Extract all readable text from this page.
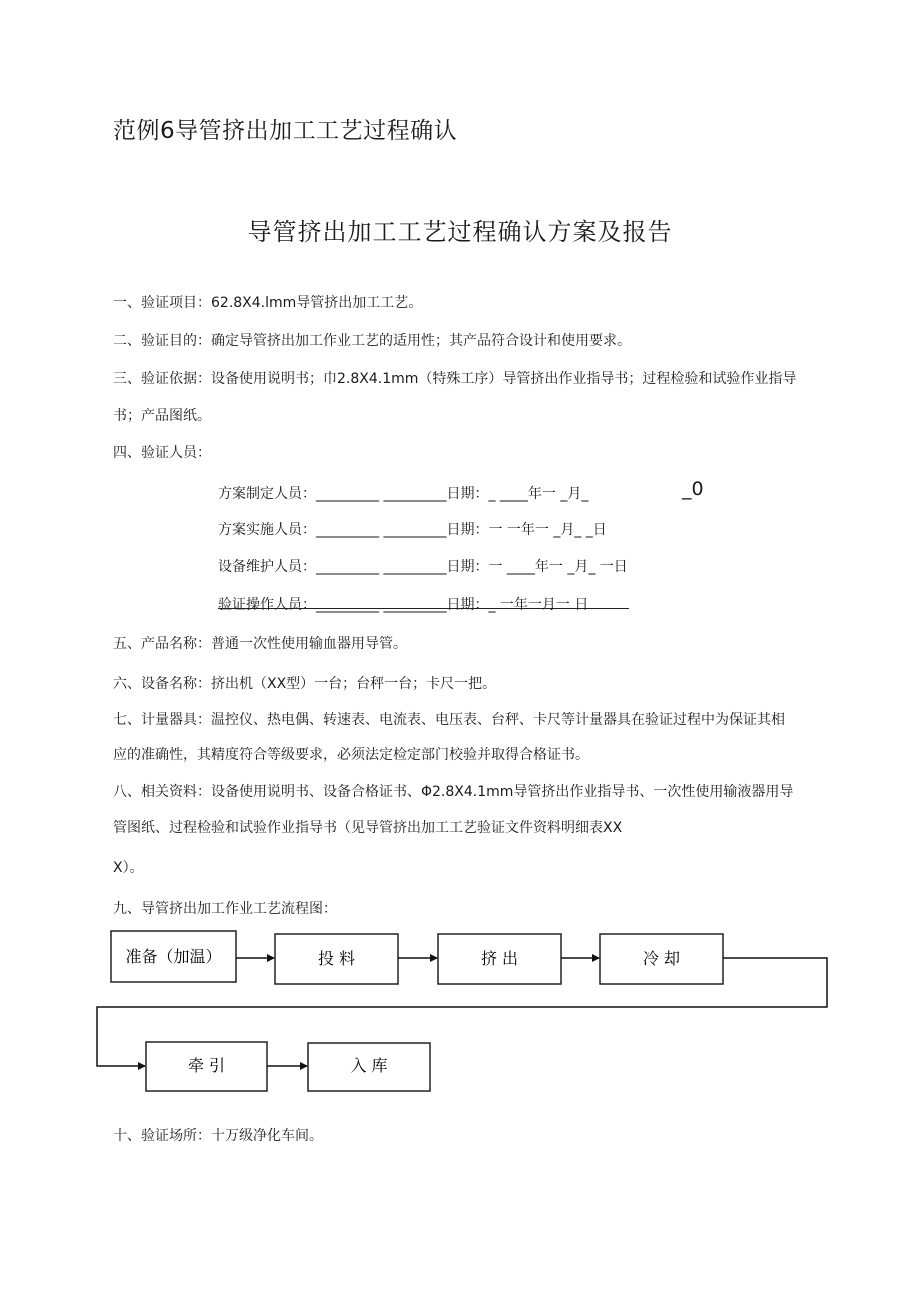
范例6导管挤出加工工艺过程确认
导管挤出加工工艺过程确认方案及报告
一、验证项目：62.8X4.lmm导管挤出加工工艺。
二、验证目的：确定导管挤出加工作业工艺的适用性；其产品符合设计和使用要求。
三、验证依据：设备使用说明书；巾2.8X4.1mm（特殊工序）导管挤出作业指导书；过程检验和试验作业指导
书；产品图纸。
四、验证人员：
方案制定人员：_________ _________日期：_ ____年一 _月_	_0
方案实施人员：_________ _________日期：一 一年一 _月_ _日
设备维护人员：_________ _________日期：一 ____年一 _月_ 一日
验证操作人员：_________ _________日期：_ 一年一月一 日
五、产品名称：普通一次性使用输血器用导管。
六、设备名称：挤出机（XX型）一台；台秤一台；卡尺一把。
七、计量器具：温控仪、热电偶、转速表、电流表、电压表、台秤、卡尺等计量器具在验证过程中为保证其相
应的准确性，其精度符合等级要求，必须法定检定部门校验并取得合格证书。
八、相关资料：设备使用说明书、设备合格证书、Φ2.8X4.1mm导管挤出作业指导书、一次性使用输液器用导
管图纸、过程检验和试验作业指导书（见导管挤出加工工艺验证文件资料明细表XX
X）。
九、导管挤出加工作业工艺流程图：
准备（加温）	投 料	挤 出	冷 却
牵 引	入 库
十、验证场所：十万级净化车间。
